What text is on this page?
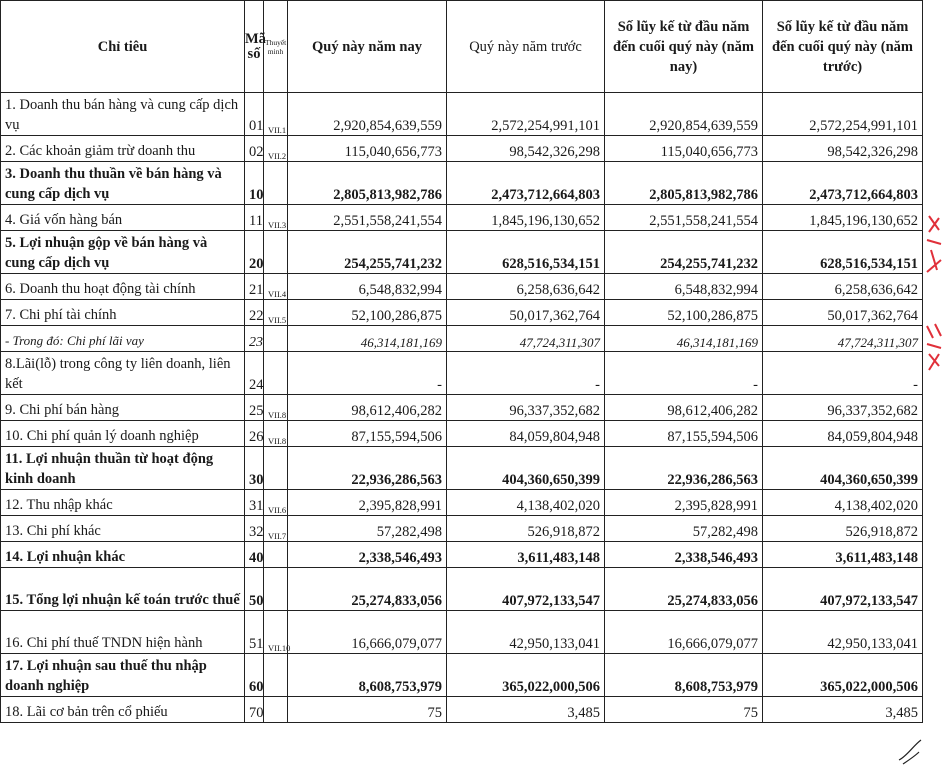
Chỉ tiêu	Mã số	Thuyết minh	Quý này năm nay	Quý này năm trước	Số lũy kế từ đầu năm đến cuối quý này (năm nay)	Số lũy kế từ đầu năm đến cuối quý này (năm trước)
1. Doanh thu bán hàng và cung cấp dịch vụ	01	VII.1	2,920,854,639,559	2,572,254,991,101	2,920,854,639,559	2,572,254,991,101
2. Các khoản giảm trừ doanh thu	02	VII.2	115,040,656,773	98,542,326,298	115,040,656,773	98,542,326,298
3. Doanh thu thuần về bán hàng và cung cấp dịch vụ	10		2,805,813,982,786	2,473,712,664,803	2,805,813,982,786	2,473,712,664,803
4. Giá vốn hàng bán	11	VII.3	2,551,558,241,554	1,845,196,130,652	2,551,558,241,554	1,845,196,130,652
5. Lợi nhuận gộp về bán hàng và cung cấp dịch vụ	20		254,255,741,232	628,516,534,151	254,255,741,232	628,516,534,151
6. Doanh thu hoạt động tài chính	21	VII.4	6,548,832,994	6,258,636,642	6,548,832,994	6,258,636,642
7. Chi phí tài chính	22	VII.5	52,100,286,875	50,017,362,764	52,100,286,875	50,017,362,764
- Trong đó: Chi phí lãi vay	23		46,314,181,169	47,724,311,307	46,314,181,169	47,724,311,307
8.Lãi(lỗ) trong công ty liên doanh, liên kết	24		-	-	-	-
9. Chi phí bán hàng	25	VII.8	98,612,406,282	96,337,352,682	98,612,406,282	96,337,352,682
10. Chi phí quản lý doanh nghiệp	26	VII.8	87,155,594,506	84,059,804,948	87,155,594,506	84,059,804,948
11. Lợi nhuận thuần từ hoạt động kinh doanh	30		22,936,286,563	404,360,650,399	22,936,286,563	404,360,650,399
12. Thu nhập khác	31	VII.6	2,395,828,991	4,138,402,020	2,395,828,991	4,138,402,020
13. Chi phí khác	32	VII.7	57,282,498	526,918,872	57,282,498	526,918,872
14. Lợi nhuận khác	40		2,338,546,493	3,611,483,148	2,338,546,493	3,611,483,148
15. Tổng lợi nhuận kế toán trước thuế	50		25,274,833,056	407,972,133,547	25,274,833,056	407,972,133,547
16. Chi phí thuế TNDN hiện hành	51	VII.10	16,666,079,077	42,950,133,041	16,666,079,077	42,950,133,041
17. Lợi nhuận sau thuế thu nhập doanh nghiệp	60		8,608,753,979	365,022,000,506	8,608,753,979	365,022,000,506
18. Lãi cơ bản trên cổ phiếu	70		75	3,485	75	3,485
